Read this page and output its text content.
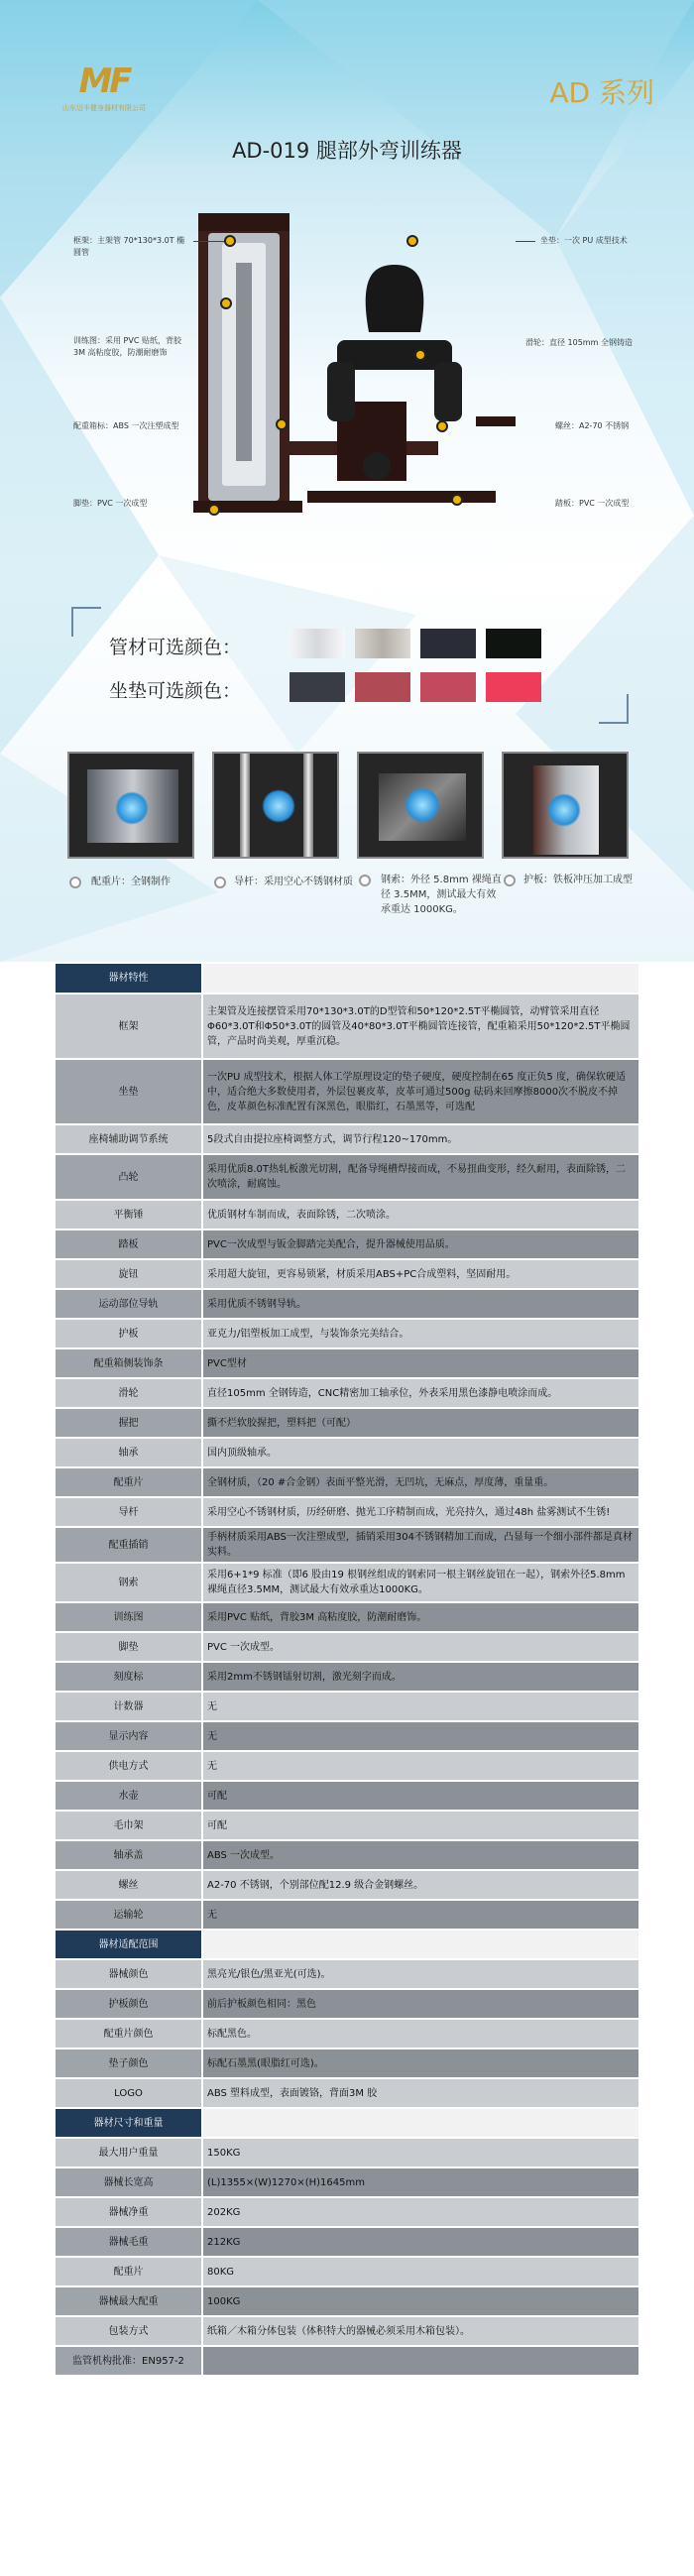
MF
山东迈丰健身器材有限公司	AD 系列
AD-019 腿部外弯训练器
框架：主架管 70*130*3.0T 椭圆管
坐垫：一次 PU 成型技术
训练图：采用 PVC 贴纸，背胶 3M 高粘度胶，防潮耐磨饰
滑轮：直径 105mm 全钢铸造
配重箱标：ABS 一次注塑成型	螺丝：A2-70 不锈钢
脚垫：PVC 一次成型	踏板：PVC 一次成型
管材可选颜色：
坐垫可选颜色：
配重片：全钢制作	导杆：采用空心不锈钢材质	钢索：外径 5.8mm 裸绳直径 3.5MM，测试最大有效承重达 1000KG。
护板：铁板冲压加工成型
器材特性	
框架	主架管及连接摆管采用70*130*3.0T的D型管和50*120*2.5T平椭圆管，动臂管采用直径Φ60*3.0T和Φ50*3.0T的圆管及40*80*3.0T平椭圆管连接管，配重箱采用50*120*2.5T平椭圆管，产品时尚美观，厚重沉稳。
坐垫	一次PU 成型技术，根据人体工学原理设定的垫子硬度，硬度控制在65 度正负5 度，确保软硬适中，适合绝大多数使用者，外层包裹皮革，皮革可通过500g 砝码来回摩擦8000次不脱皮不掉色，皮革颜色标准配置有深黑色，眼脂红，石墨黑等，可选配
座椅辅助调节系统	5段式自由提拉座椅调整方式，调节行程120~170mm。
凸轮	采用优质8.0T热轧板激光切割，配备导绳槽焊接而成，不易扭曲变形，经久耐用，表面除锈，二次喷涂，耐腐蚀。
平衡锤	优质钢材车制而成，表面除锈，二次喷涂。
踏板	PVC一次成型与钣金脚踏完美配合，提升器械使用品质。
旋钮	采用超大旋钮，更容易锁紧，材质采用ABS+PC合成塑料，坚固耐用。
运动部位导轨	采用优质不锈钢导轨。
护板	亚克力/铝塑板加工成型，与装饰条完美结合。
配重箱侧装饰条	PVC型材
滑轮	直径105mm 全钢铸造，CNC精密加工轴承位，外表采用黑色漆静电喷涂而成。
握把	撕不烂软胶握把，塑料把（可配）
轴承	国内顶级轴承。
配重片	全钢材质，（20 #合金钢）表面平整光滑，无凹坑，无麻点，厚度薄，重量重。
导杆	采用空心不锈钢材质，历经研磨、抛光工序精制而成，光亮持久，通过48h 盐雾测试不生锈!
配重插销	手柄材质采用ABS一次注塑成型，插销采用304不锈钢精加工而成，凸显每一个细小部件都是真材实料。
钢索	采用6+1*9 标准（即6 股由19 根钢丝组成的钢索同一根主钢丝旋钮在一起），钢索外径5.8mm 裸绳直径3.5MM，测试最大有效承重达1000KG。
训练图	采用PVC 贴纸，背胶3M 高粘度胶，防潮耐磨饰。
脚垫	PVC 一次成型。
刻度标	采用2mm不锈钢镭射切割，激光刻字而成。
计数器	无
显示内容	无
供电方式	无
水壶	可配
毛巾架	可配
轴承盖	ABS 一次成型。
螺丝	A2-70 不锈钢，个别部位配12.9 级合金钢螺丝。
运输轮	无
器材适配范围	
器械颜色	黑亮光/银色/黑亚光(可选)。
护板颜色	前后护板颜色相同：黑色
配重片颜色	标配黑色。
垫子颜色	标配石墨黑(眼脂红可选)。
LOGO	ABS 塑料成型，表面镀铬，背面3M 胶
器材尺寸和重量	
最大用户重量	150KG
器械长宽高	(L)1355×(W)1270×(H)1645mm
器械净重	202KG
器械毛重	212KG
配重片	80KG
器械最大配重	100KG
包装方式	纸箱／木箱分体包装（体积特大的器械必须采用木箱包装）。
监管机构批准：EN957-2	
